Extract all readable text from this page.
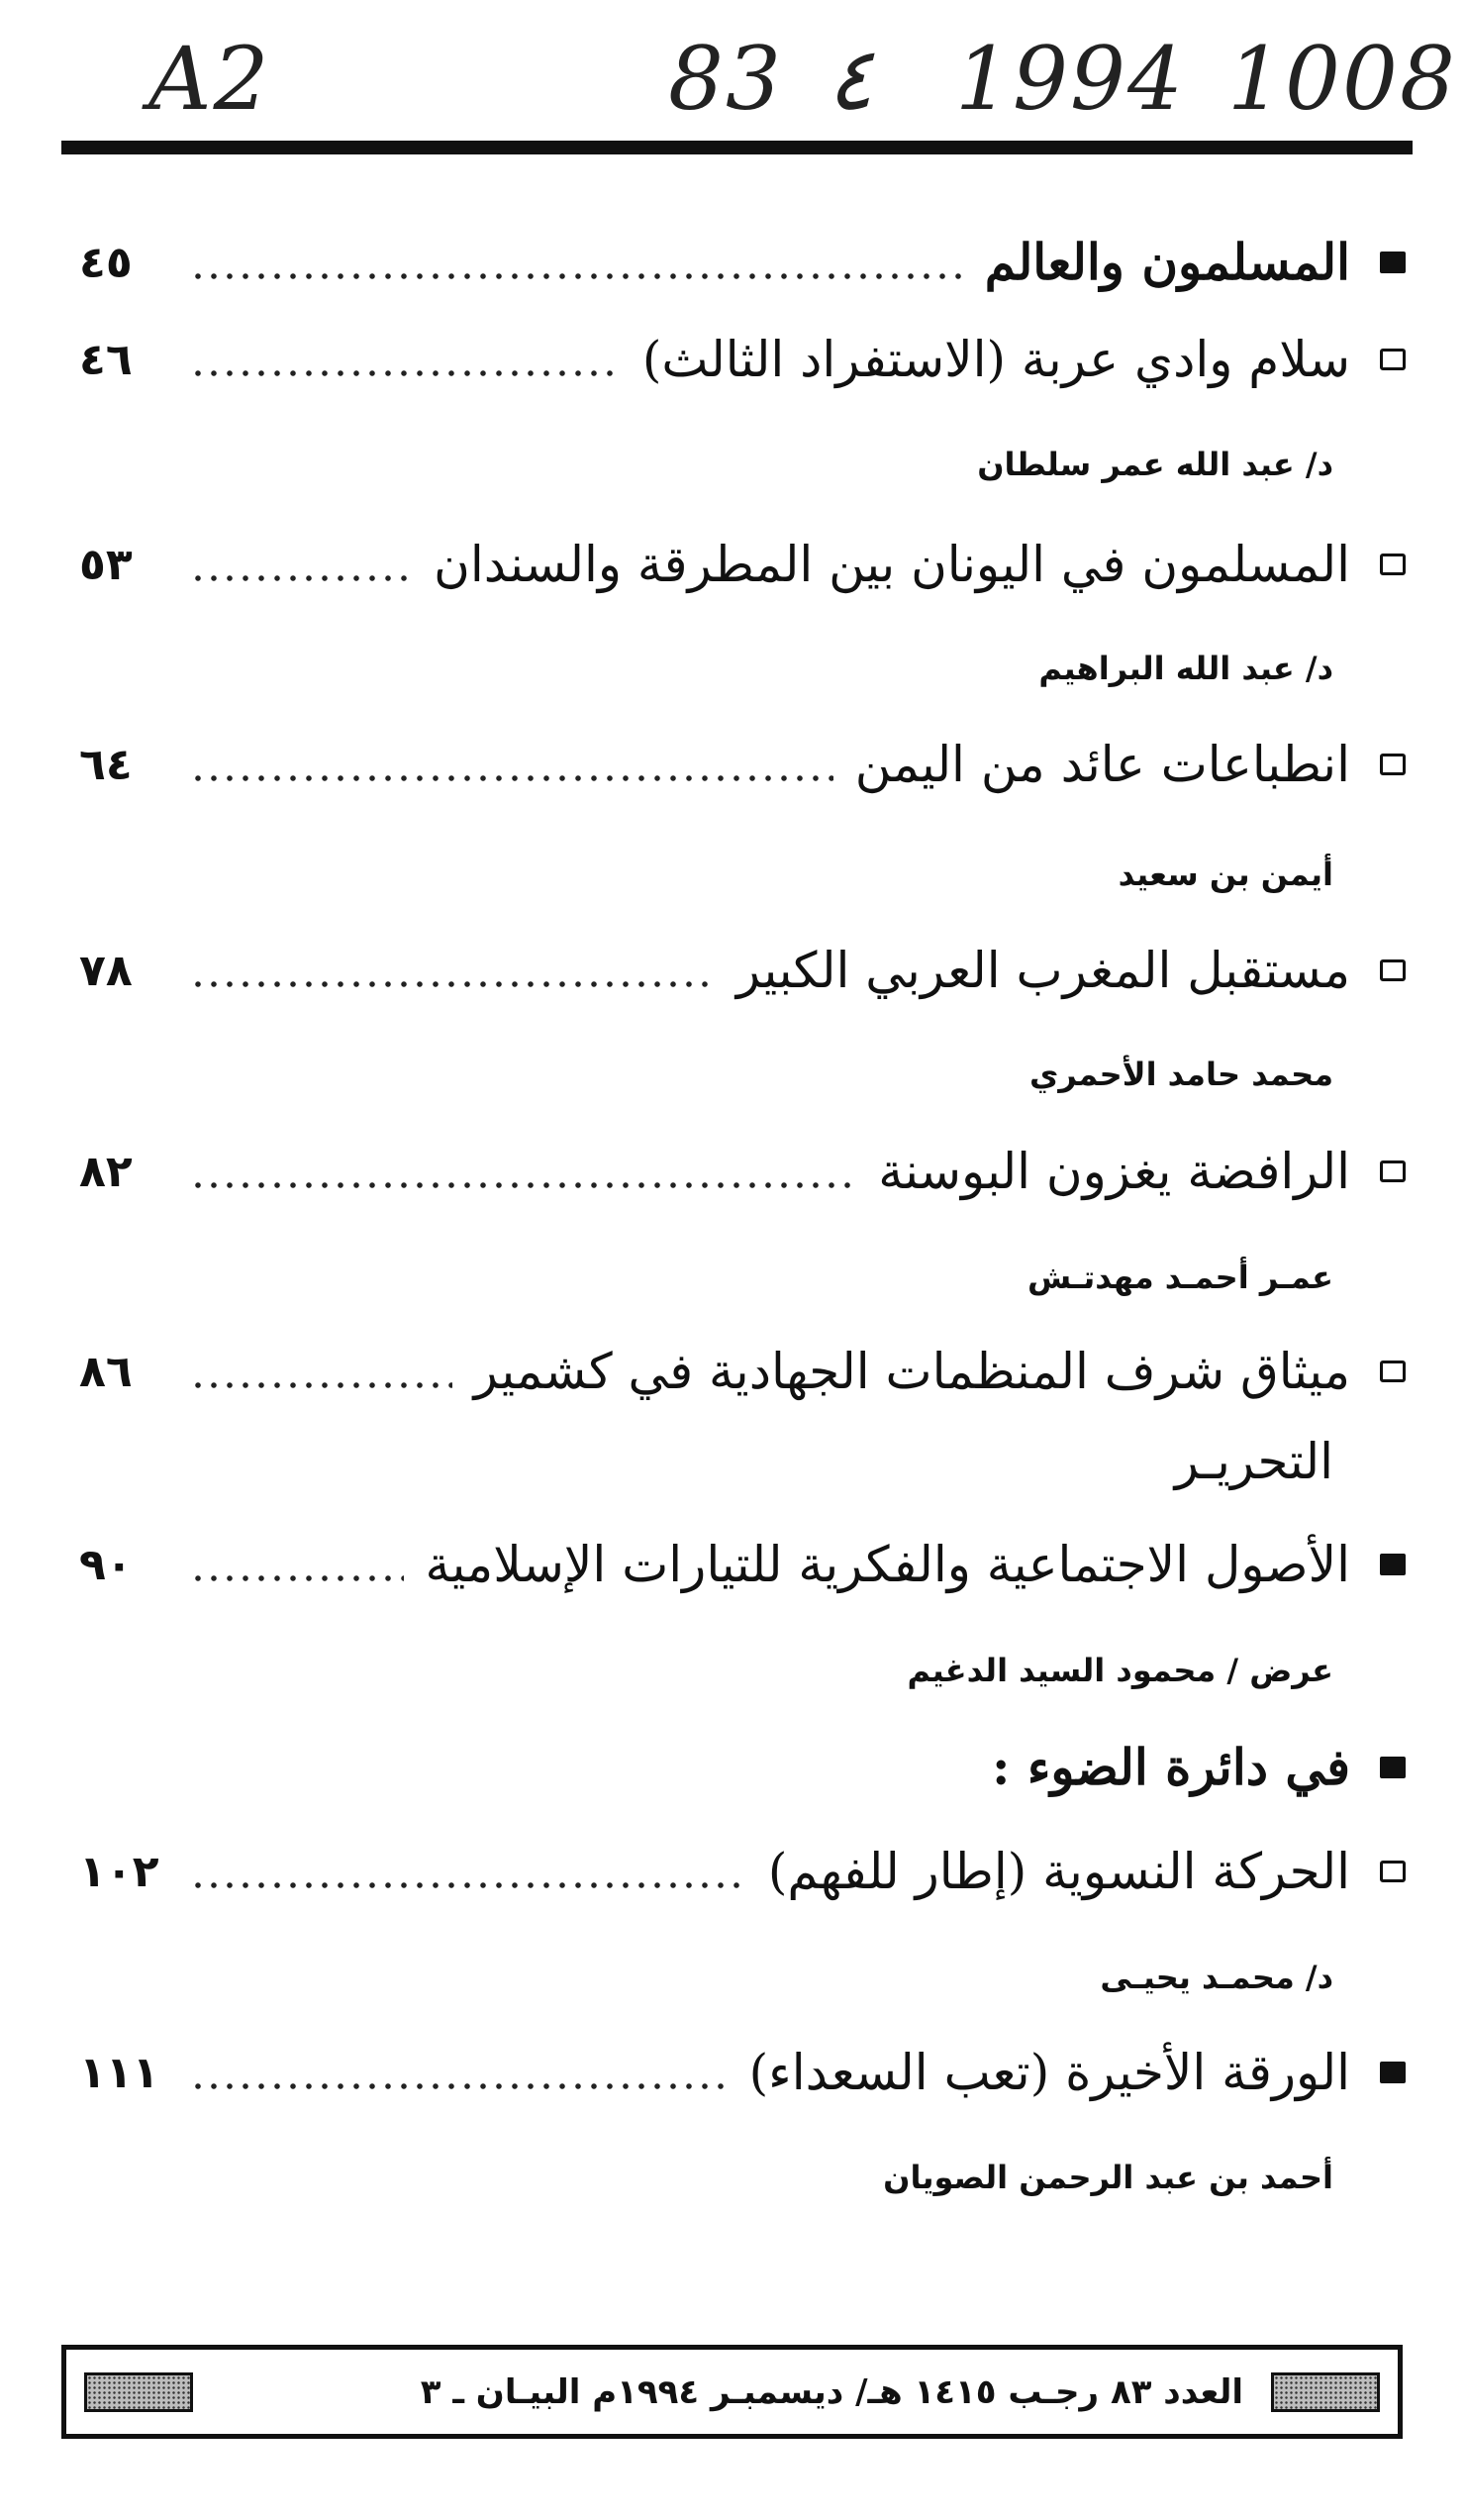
A2	83 ٤ 1994 1008
المسلمون والعالم
٤٥
سلام وادي عربة (الاستفراد الثالث)
٤٦
د/ عبد الله عمر سلطان
المسلمون في اليونان بين المطرقة والسندان
٥٣
د/ عبد الله البراهيم
انطباعات عائد من اليمن
٦٤
أيمن بن سعيد
مستقبل المغرب العربي الكبير
٧٨
محمد حامد الأحمري
الرافضة يغزون البوسنة
٨٢
عمـر أحمـد مهدتـش
ميثاق شرف المنظمات الجهادية في كشمير
٨٦
التحريـر
الأصول الاجتماعية والفكرية للتيارات الإسلامية
٩٠
عرض / محمود السيد الدغيم
في دائرة الضوء :
الحركة النسوية (إطار للفهم)
١٠٢
د/ محمـد يحيـى
الورقة الأخيرة (تعب السعداء)
١١١
أحمد بن عبد الرحمن الصويان
العدد ٨٣ رجـب ١٤١٥ هـ/ ديسمبـر ١٩٩٤م البيـان ـ ٣
